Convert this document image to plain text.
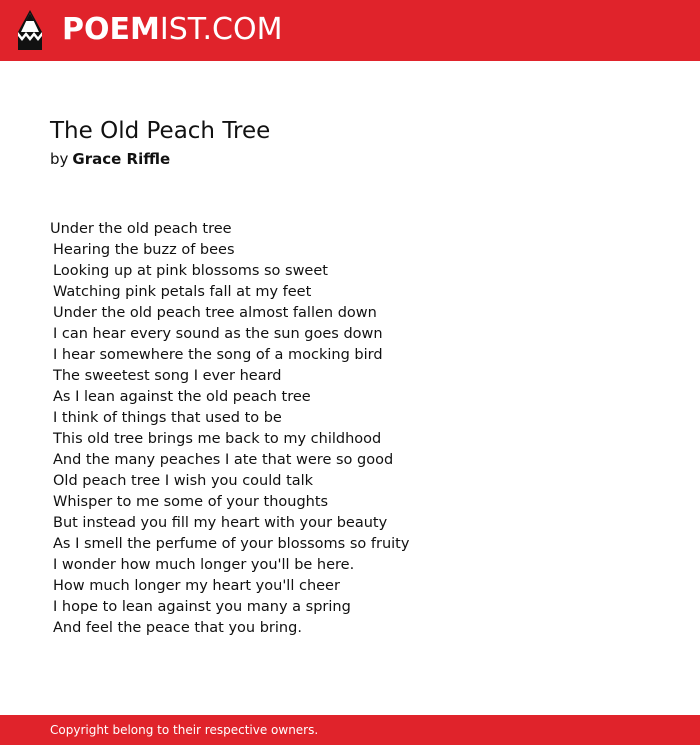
POEMIST.COM
The Old Peach Tree
by Grace Riffle
Under the old peach tree
Hearing the buzz of bees
Looking up at pink blossoms so sweet
Watching pink petals fall at my feet
Under the old peach tree almost fallen down
I can hear every sound as the sun goes down
I hear somewhere the song of a mocking bird
The sweetest song I ever heard
As I lean against the old peach tree
I think of things that used to be
This old tree brings me back to my childhood
And the many peaches I ate that were so good
Old peach tree I wish you could talk
Whisper to me some of your thoughts
But instead you fill my heart with your beauty
As I smell the perfume of your blossoms so fruity
I wonder how much longer you'll be here.
How much longer my heart you'll cheer
I hope to lean against you many a spring
And feel the peace that you bring.
Copyright belong to their respective owners.
